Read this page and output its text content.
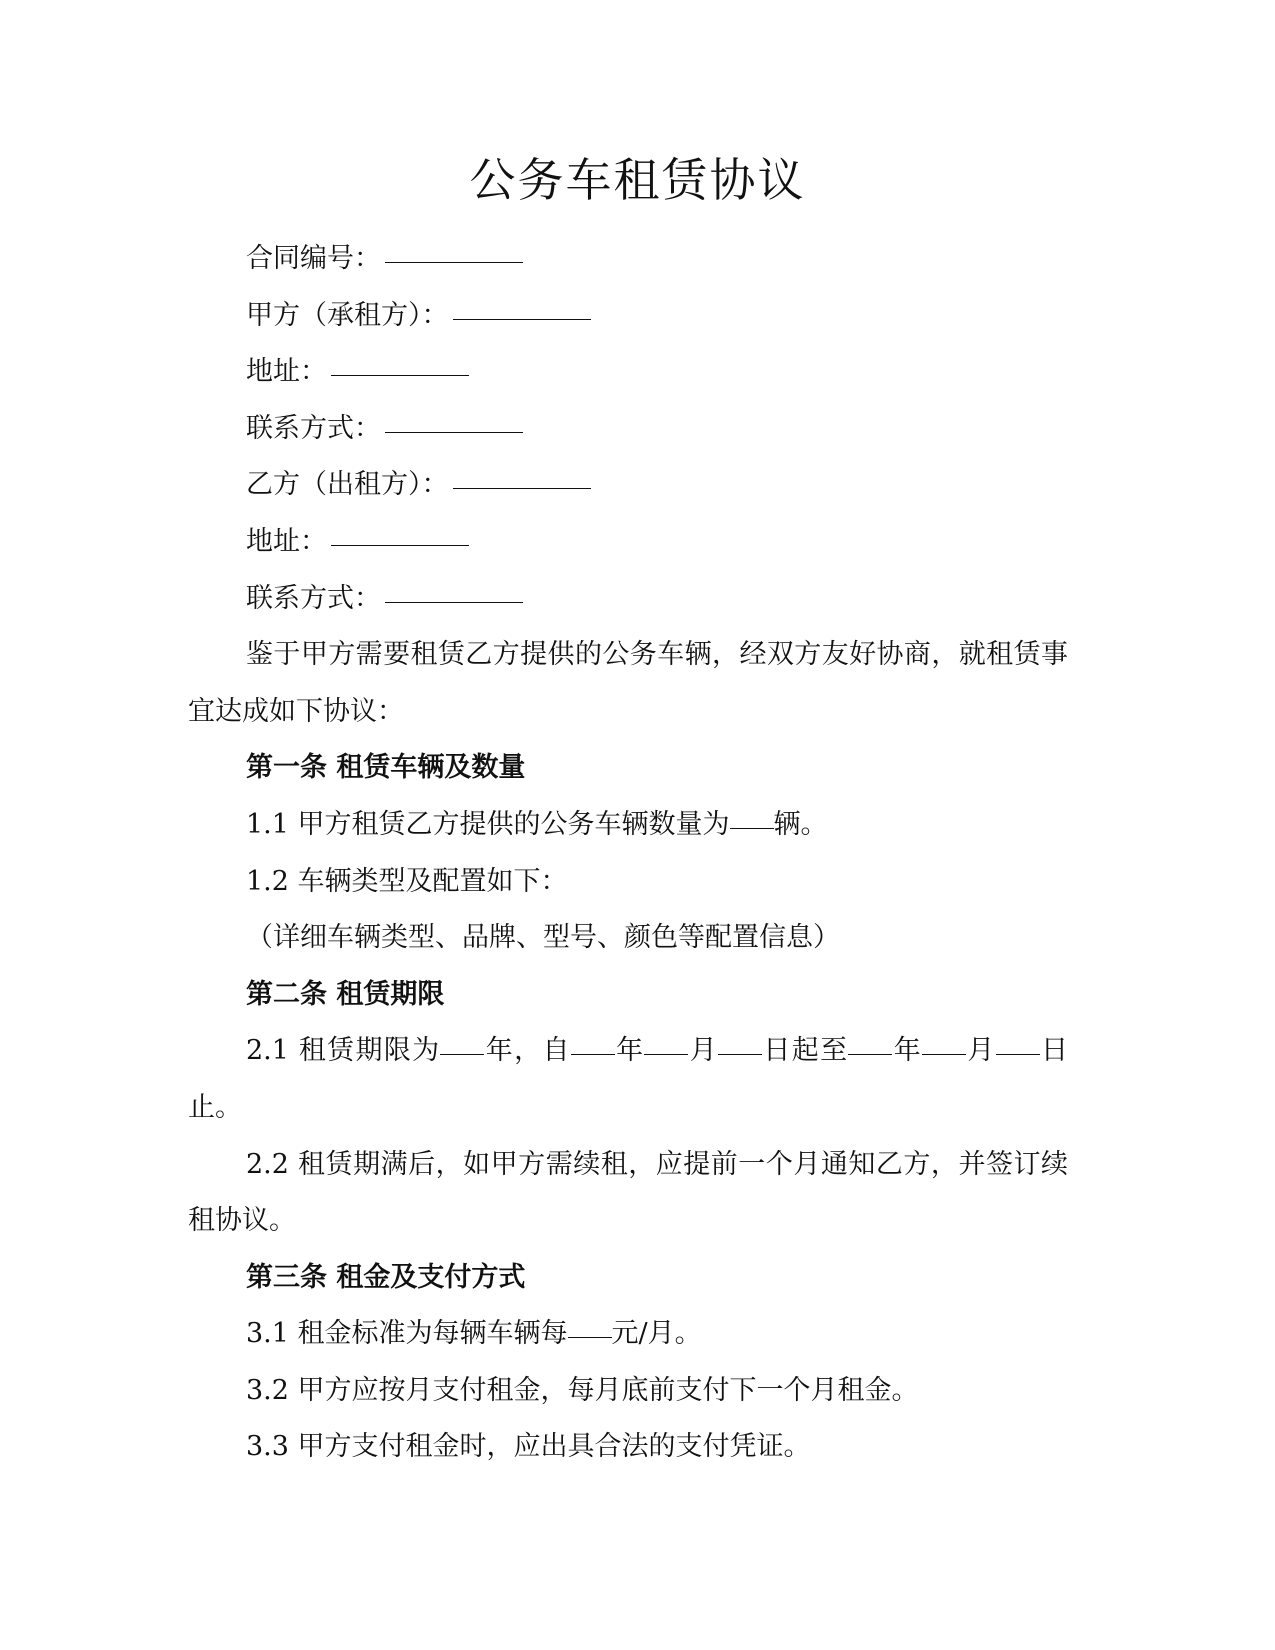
公务车租赁协议
合同编号：
甲方（承租方）：
地址：
联系方式：
乙方（出租方）：
地址：
联系方式：

鉴于甲方需要租赁乙方提供的公务车辆，经双方友好协商，就租赁事宜达成如下协议：

第一条 租赁车辆及数量
1.1 甲方租赁乙方提供的公务车辆数量为 辆。
1.2 车辆类型及配置如下：
（详细车辆类型、品牌、型号、颜色等配置信息）
第二条 租赁期限

2.1 租赁期限为 年，自 年 月 日起至 年 月 日止。

2.2 租赁期满后，如甲方需续租，应提前一个月通知乙方，并签订续租协议。

第三条 租金及支付方式
3.1 租金标准为每辆车辆每 元/月。
3.2 甲方应按月支付租金，每月底前支付下一个月租金。
3.3 甲方支付租金时，应出具合法的支付凭证。
